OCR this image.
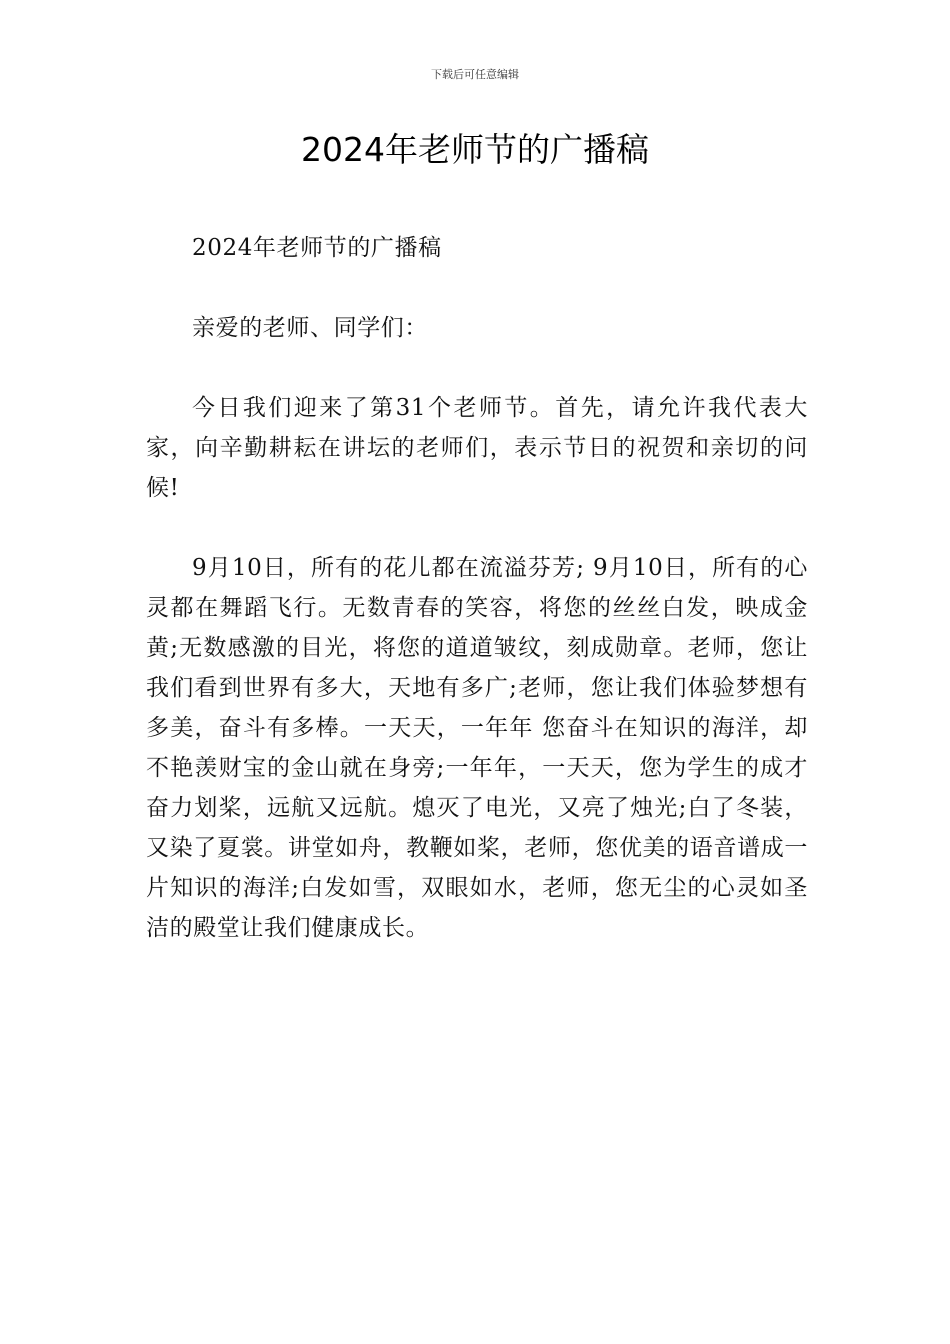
下载后可任意编辑
2024年老师节的广播稿

2024年老师节的广播稿

亲爱的老师、同学们：

今日我们迎来了第31个老师节。首先，请允许我代表大家，向辛勤耕耘在讲坛的老师们，表示节日的祝贺和亲切的问候!

9月10日，所有的花儿都在流溢芬芳; 9月10日，所有的心灵都在舞蹈飞行。无数青春的笑容，将您的丝丝白发，映成金黄;无数感激的目光，将您的道道皱纹，刻成勋章。老师，您让我们看到世界有多大，天地有多广;老师，您让我们体验梦想有多美，奋斗有多棒。一天天，一年年 您奋斗在知识的海洋，却不艳羡财宝的金山就在身旁;一年年，一天天，您为学生的成才奋力划桨，远航又远航。熄灭了电光，又亮了烛光;白了冬装，又染了夏裳。讲堂如舟，教鞭如桨，老师，您优美的语音谱成一片知识的海洋;白发如雪，双眼如水，老师，您无尘的心灵如圣洁的殿堂让我们健康成长。
